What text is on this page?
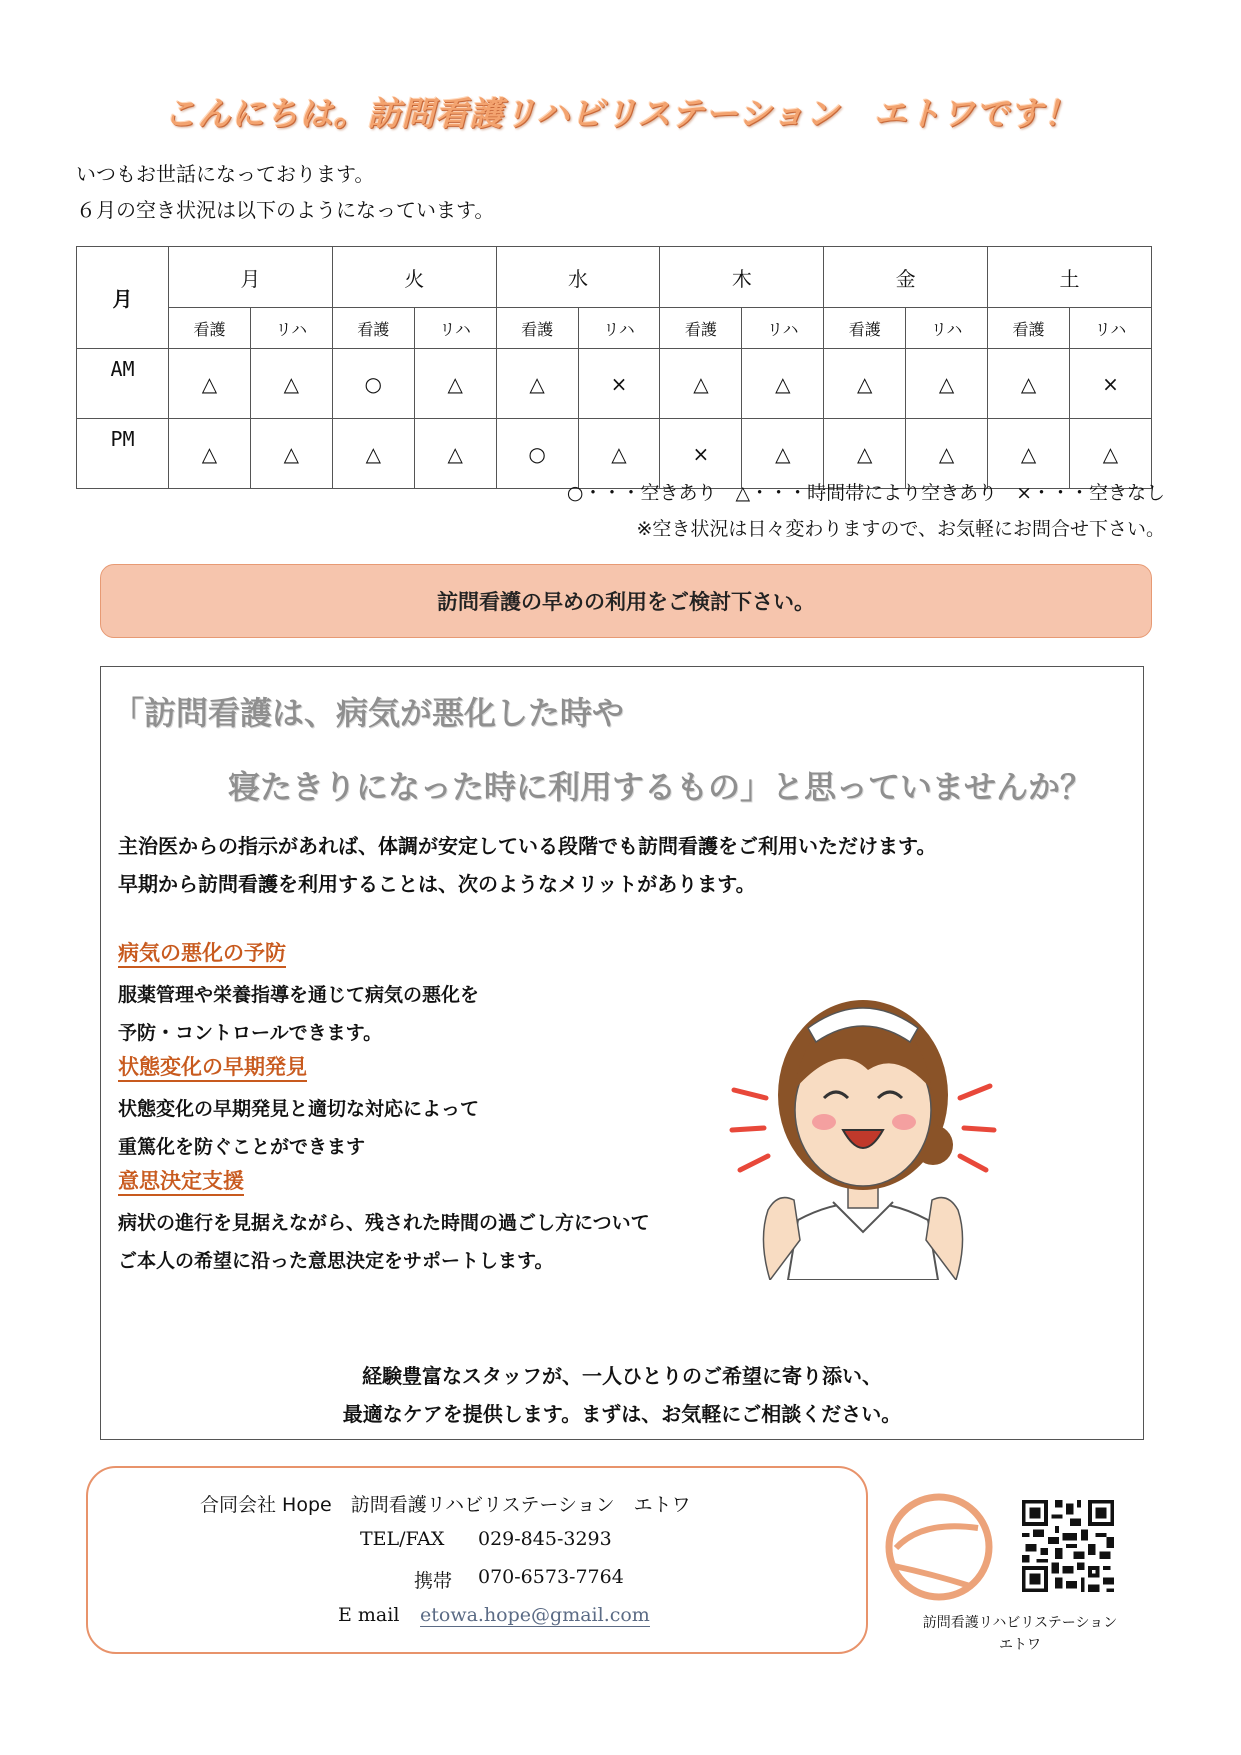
こんにちは。訪問看護リハビリステーション　エトワです！
いつもお世話になっております。
６月の空き状況は以下のようになっています。
月	月		火		水		木		金		土	
	看護	リハ	看護	リハ	看護	リハ	看護	リハ	看護	リハ	看護	リハ
AM	△	△	○	△	△	×	△	△	△	△	△	×
PM	△	△	△	△	○	△	×	△	△	△	△	△
○・・・空きあり　△・・・時間帯により空きあり　×・・・空きなし
※空き状況は日々変わりますので、お気軽にお問合せ下さい。
訪問看護の早めの利用をご検討下さい。
「訪問看護は、病気が悪化した時や
寝たきりになった時に利用するもの」と思っていませんか？
主治医からの指示があれば、体調が安定している段階でも訪問看護をご利用いただけます。
早期から訪問看護を利用することは、次のようなメリットがあります。
病気の悪化の予防
服薬管理や栄養指導を通じて病気の悪化を
予防・コントロールできます。
状態変化の早期発見
状態変化の早期発見と適切な対応によって
重篤化を防ぐことができます
意思決定支援
病状の進行を見据えながら、残された時間の過ごし方について
ご本人の希望に沿った意思決定をサポートします。
経験豊富なスタッフが、一人ひとりのご希望に寄り添い、
最適なケアを提供します。まずは、お気軽にご相談ください。
合同会社 Hope　訪問看護リハビリステーション　エトワ
TEL/FAX 029-845-3293
携帯 070-6573-7764
E mail etowa.hope@gmail.com	訪問看護リハビリステーション
エトワ
